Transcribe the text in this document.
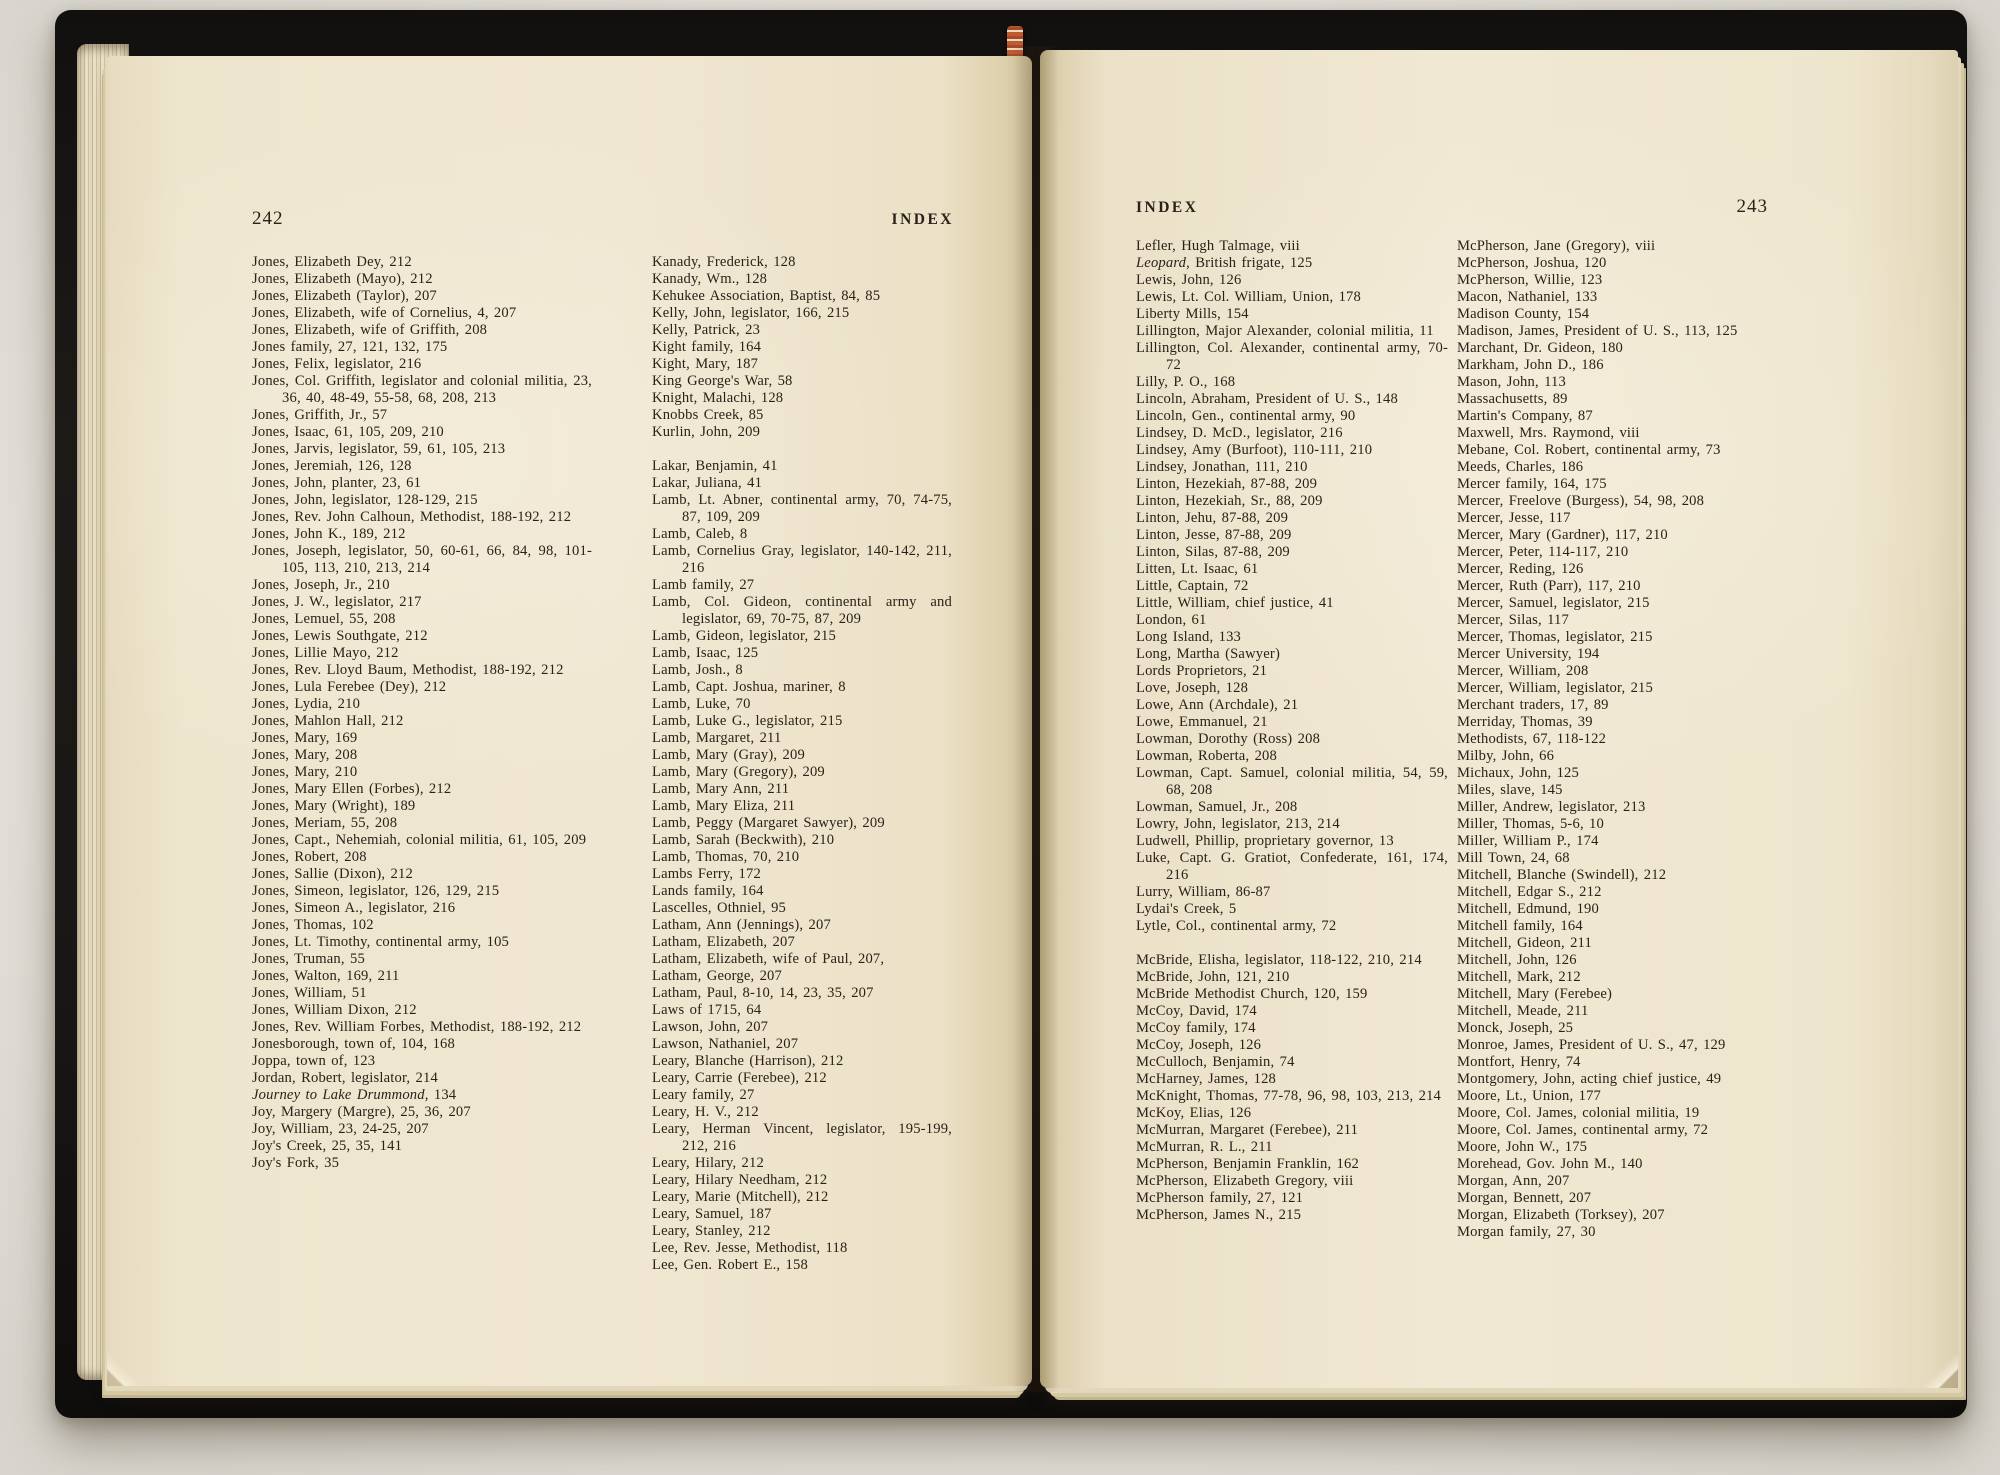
242	INDEX
Jones, Elizabeth Dey, 212
Jones, Elizabeth (Mayo), 212
Jones, Elizabeth (Taylor), 207
Jones, Elizabeth, wife of Cornelius, 4, 207
Jones, Elizabeth, wife of Griffith, 208
Jones family, 27, 121, 132, 175
Jones, Felix, legislator, 216
Jones, Col. Griffith, legislator and colonial militia, 23, 36, 40, 48-49, 55-58, 68, 208, 213
Jones, Griffith, Jr., 57
Jones, Isaac, 61, 105, 209, 210
Jones, Jarvis, legislator, 59, 61, 105, 213
Jones, Jeremiah, 126, 128
Jones, John, planter, 23, 61
Jones, John, legislator, 128-129, 215
Jones, Rev. John Calhoun, Methodist, 188-192, 212
Jones, John K., 189, 212
Jones, Joseph, legislator, 50, 60-61, 66, 84, 98, 101-105, 113, 210, 213, 214
Jones, Joseph, Jr., 210
Jones, J. W., legislator, 217
Jones, Lemuel, 55, 208
Jones, Lewis Southgate, 212
Jones, Lillie Mayo, 212
Jones, Rev. Lloyd Baum, Methodist, 188-192, 212
Jones, Lula Ferebee (Dey), 212
Jones, Lydia, 210
Jones, Mahlon Hall, 212
Jones, Mary, 169
Jones, Mary, 208
Jones, Mary, 210
Jones, Mary Ellen (Forbes), 212
Jones, Mary (Wright), 189
Jones, Meriam, 55, 208
Jones, Capt., Nehemiah, colonial militia, 61, 105, 209
Jones, Robert, 208
Jones, Sallie (Dixon), 212
Jones, Simeon, legislator, 126, 129, 215
Jones, Simeon A., legislator, 216
Jones, Thomas, 102
Jones, Lt. Timothy, continental army, 105
Jones, Truman, 55
Jones, Walton, 169, 211
Jones, William, 51
Jones, William Dixon, 212
Jones, Rev. William Forbes, Methodist, 188-192, 212
Jonesborough, town of, 104, 168
Joppa, town of, 123
Jordan, Robert, legislator, 214
Journey to Lake Drummond, 134
Joy, Margery (Margre), 25, 36, 207
Joy, William, 23, 24-25, 207
Joy's Creek, 25, 35, 141
Joy's Fork, 35
Kanady, Frederick, 128
Kanady, Wm., 128
Kehukee Association, Baptist, 84, 85
Kelly, John, legislator, 166, 215
Kelly, Patrick, 23
Kight family, 164
Kight, Mary, 187
King George's War, 58
Knight, Malachi, 128
Knobbs Creek, 85
Kurlin, John, 209
Lakar, Benjamin, 41
Lakar, Juliana, 41
Lamb, Lt. Abner, continental army, 70, 74-75, 87, 109, 209
Lamb, Caleb, 8
Lamb, Cornelius Gray, legislator, 140-142, 211, 216
Lamb family, 27
Lamb, Col. Gideon, continental army and legislator, 69, 70-75, 87, 209
Lamb, Gideon, legislator, 215
Lamb, Isaac, 125
Lamb, Josh., 8
Lamb, Capt. Joshua, mariner, 8
Lamb, Luke, 70
Lamb, Luke G., legislator, 215
Lamb, Margaret, 211
Lamb, Mary (Gray), 209
Lamb, Mary (Gregory), 209
Lamb, Mary Ann, 211
Lamb, Mary Eliza, 211
Lamb, Peggy (Margaret Sawyer), 209
Lamb, Sarah (Beckwith), 210
Lamb, Thomas, 70, 210
Lambs Ferry, 172
Lands family, 164
Lascelles, Othniel, 95
Latham, Ann (Jennings), 207
Latham, Elizabeth, 207
Latham, Elizabeth, wife of Paul, 207,
Latham, George, 207
Latham, Paul, 8-10, 14, 23, 35, 207
Laws of 1715, 64
Lawson, John, 207
Lawson, Nathaniel, 207
Leary, Blanche (Harrison), 212
Leary, Carrie (Ferebee), 212
Leary family, 27
Leary, H. V., 212
Leary, Herman Vincent, legislator, 195-199, 212, 216
Leary, Hilary, 212
Leary, Hilary Needham, 212
Leary, Marie (Mitchell), 212
Leary, Samuel, 187
Leary, Stanley, 212
Lee, Rev. Jesse, Methodist, 118
Lee, Gen. Robert E., 158
INDEX	243
Lefler, Hugh Talmage, viii
Leopard, British frigate, 125
Lewis, John, 126
Lewis, Lt. Col. William, Union, 178
Liberty Mills, 154
Lillington, Major Alexander, colonial militia, 11
Lillington, Col. Alexander, continental army, 70-72
Lilly, P. O., 168
Lincoln, Abraham, President of U. S., 148
Lincoln, Gen., continental army, 90
Lindsey, D. McD., legislator, 216
Lindsey, Amy (Burfoot), 110-111, 210
Lindsey, Jonathan, 111, 210
Linton, Hezekiah, 87-88, 209
Linton, Hezekiah, Sr., 88, 209
Linton, Jehu, 87-88, 209
Linton, Jesse, 87-88, 209
Linton, Silas, 87-88, 209
Litten, Lt. Isaac, 61
Little, Captain, 72
Little, William, chief justice, 41
London, 61
Long Island, 133
Long, Martha (Sawyer)
Lords Proprietors, 21
Love, Joseph, 128
Lowe, Ann (Archdale), 21
Lowe, Emmanuel, 21
Lowman, Dorothy (Ross) 208
Lowman, Roberta, 208
Lowman, Capt. Samuel, colonial militia, 54, 59, 68, 208
Lowman, Samuel, Jr., 208
Lowry, John, legislator, 213, 214
Ludwell, Phillip, proprietary governor, 13
Luke, Capt. G. Gratiot, Confederate, 161, 174, 216
Lurry, William, 86-87
Lydai's Creek, 5
Lytle, Col., continental army, 72
McBride, Elisha, legislator, 118-122, 210, 214
McBride, John, 121, 210
McBride Methodist Church, 120, 159
McCoy, David, 174
McCoy family, 174
McCoy, Joseph, 126
McCulloch, Benjamin, 74
McHarney, James, 128
McKnight, Thomas, 77-78, 96, 98, 103, 213, 214
McKoy, Elias, 126
McMurran, Margaret (Ferebee), 211
McMurran, R. L., 211
McPherson, Benjamin Franklin, 162
McPherson, Elizabeth Gregory, viii
McPherson family, 27, 121
McPherson, James N., 215
McPherson, Jane (Gregory), viii
McPherson, Joshua, 120
McPherson, Willie, 123
Macon, Nathaniel, 133
Madison County, 154
Madison, James, President of U. S., 113, 125
Marchant, Dr. Gideon, 180
Markham, John D., 186
Mason, John, 113
Massachusetts, 89
Martin's Company, 87
Maxwell, Mrs. Raymond, viii
Mebane, Col. Robert, continental army, 73
Meeds, Charles, 186
Mercer family, 164, 175
Mercer, Freelove (Burgess), 54, 98, 208
Mercer, Jesse, 117
Mercer, Mary (Gardner), 117, 210
Mercer, Peter, 114-117, 210
Mercer, Reding, 126
Mercer, Ruth (Parr), 117, 210
Mercer, Samuel, legislator, 215
Mercer, Silas, 117
Mercer, Thomas, legislator, 215
Mercer University, 194
Mercer, William, 208
Mercer, William, legislator, 215
Merchant traders, 17, 89
Merriday, Thomas, 39
Methodists, 67, 118-122
Milby, John, 66
Michaux, John, 125
Miles, slave, 145
Miller, Andrew, legislator, 213
Miller, Thomas, 5-6, 10
Miller, William P., 174
Mill Town, 24, 68
Mitchell, Blanche (Swindell), 212
Mitchell, Edgar S., 212
Mitchell, Edmund, 190
Mitchell family, 164
Mitchell, Gideon, 211
Mitchell, John, 126
Mitchell, Mark, 212
Mitchell, Mary (Ferebee)
Mitchell, Meade, 211
Monck, Joseph, 25
Monroe, James, President of U. S., 47, 129
Montfort, Henry, 74
Montgomery, John, acting chief justice, 49
Moore, Lt., Union, 177
Moore, Col. James, colonial militia, 19
Moore, Col. James, continental army, 72
Moore, John W., 175
Morehead, Gov. John M., 140
Morgan, Ann, 207
Morgan, Bennett, 207
Morgan, Elizabeth (Torksey), 207
Morgan family, 27, 30
